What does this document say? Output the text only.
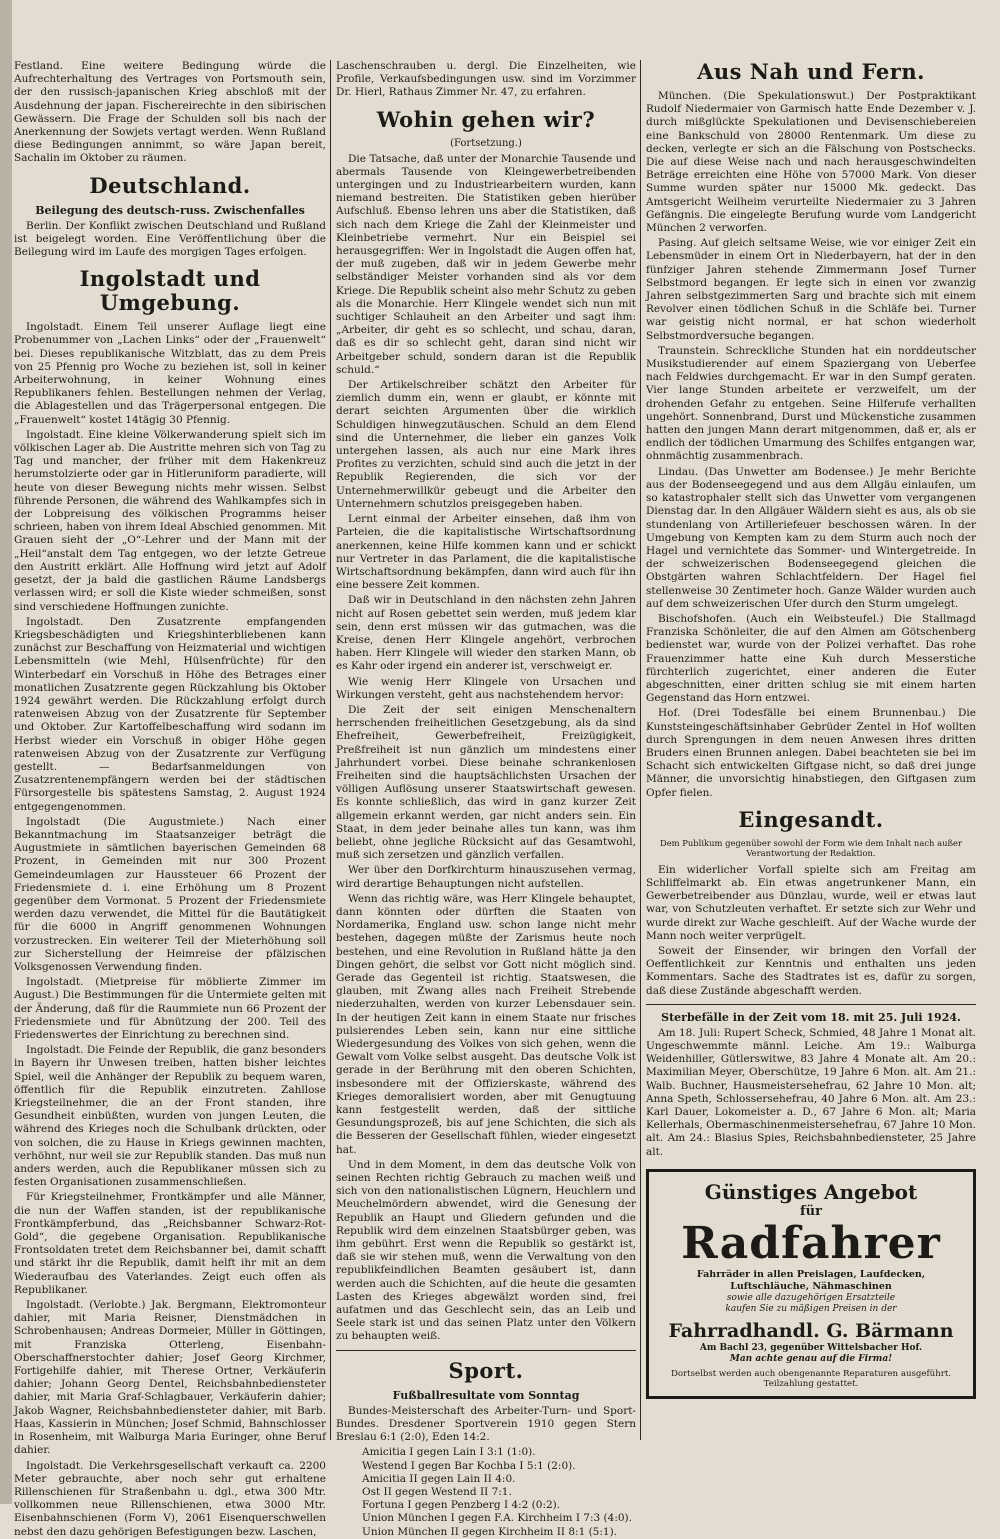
Festland. Eine weitere Bedingung würde die Aufrechterhaltung des Vertrages von Portsmouth sein, der den russisch-japanischen Krieg abschloß mit der Ausdehnung der japan. Fischereirechte in den sibirischen Gewässern. Die Frage der Schulden soll bis nach der Anerkennung der Sowjets vertagt werden. Wenn Rußland diese Bedingungen annimmt, so wäre Japan bereit, Sachalin im Oktober zu räumen.

Deutschland.
Beilegung des deutsch-russ. Zwischenfalles

Berlin. Der Konflikt zwischen Deutschland und Rußland ist beigelegt worden. Eine Veröffentlichung über die Beilegung wird im Laufe des morgigen Tages erfolgen.

Ingolstadt und Umgebung.

Ingolstadt. Einem Teil unserer Auflage liegt eine Probenummer von „Lachen Links“ oder der „Frauenwelt“ bei. Dieses republikanische Witzblatt, das zu dem Preis von 25 Pfennig pro Woche zu beziehen ist, soll in keiner Arbeiterwohnung, in keiner Wohnung eines Republikaners fehlen. Bestellungen nehmen der Verlag, die Ablagestellen und das Trägerpersonal entgegen. Die „Frauenwelt“ kostet 14tägig 30 Pfennig.

Ingolstadt. Eine kleine Völkerwanderung spielt sich im völkischen Lager ab. Die Austritte mehren sich von Tag zu Tag und mancher, der früher mit dem Hakenkreuz herumstolzierte oder gar in Hitleruniform paradierte, will heute von dieser Bewegung nichts mehr wissen. Selbst führende Personen, die während des Wahlkampfes sich in der Lobpreisung des völkischen Programms heiser schrieen, haben von ihrem Ideal Abschied genommen. Mit Grauen sieht der „O“-Lehrer und der Mann mit der „Heil“anstalt dem Tag entgegen, wo der letzte Getreue den Austritt erklärt. Alle Hoffnung wird jetzt auf Adolf gesetzt, der ja bald die gastlichen Räume Landsbergs verlassen wird; er soll die Kiste wieder schmeißen, sonst sind verschiedene Hoffnungen zunichte.

Ingolstadt. Den Zusatzrente empfangenden Kriegsbeschädigten und Kriegshinterbliebenen kann zunächst zur Beschaffung von Heizmaterial und wichtigen Lebensmitteln (wie Mehl, Hülsenfrüchte) für den Winterbedarf ein Vorschuß in Höhe des Betrages einer monatlichen Zusatzrente gegen Rückzahlung bis Oktober 1924 gewährt werden. Die Rückzahlung erfolgt durch ratenweisen Abzug von der Zusatzrente für September und Oktober. Zur Kartoffelbeschaffung wird sodann im Herbst wieder ein Vorschuß in obiger Höhe gegen ratenweisen Abzug von der Zusatzrente zur Verfügung gestellt. — Bedarfsanmeldungen von Zusatzrentenempfängern werden bei der städtischen Fürsorgestelle bis spätestens Samstag, 2. August 1924 entgegengenommen.

Ingolstadt (Die Augustmiete.) Nach einer Bekanntmachung im Staatsanzeiger beträgt die Augustmiete in sämtlichen bayerischen Gemeinden 68 Prozent, in Gemeinden mit nur 300 Prozent Gemeindeumlagen zur Haussteuer 66 Prozent der Friedensmiete d. i. eine Erhöhung um 8 Prozent gegenüber dem Vormonat. 5 Prozent der Friedensmiete werden dazu verwendet, die Mittel für die Bautätigkeit für die 6000 in Angriff genommenen Wohnungen vorzustrecken. Ein weiterer Teil der Mieterhöhung soll zur Sicherstellung der Heimreise der pfälzischen Volksgenossen Verwendung finden.

Ingolstadt. (Mietpreise für möblierte Zimmer im August.) Die Bestimmungen für die Untermiete gelten mit der Änderung, daß für die Raummiete nun 66 Prozent der Friedensmiete und für Abnützung der 200. Teil des Friedenswertes der Einrichtung zu berechnen sind.

Ingolstadt. Die Feinde der Republik, die ganz besonders in Bayern ihr Unwesen treiben, hatten bisher leichtes Spiel, weil die Anhänger der Republik zu bequem waren, öffentlich für die Republik einzutreten. Zahllose Kriegsteilnehmer, die an der Front standen, ihre Gesundheit einbüßten, wurden von jungen Leuten, die während des Krieges noch die Schulbank drückten, oder von solchen, die zu Hause in Kriegs gewinnen machten, verhöhnt, nur weil sie zur Republik standen. Das muß nun anders werden, auch die Republikaner müssen sich zu festen Organisationen zusammenschließen.

Für Kriegsteilnehmer, Frontkämpfer und alle Männer, die nun der Waffen standen, ist der republikanische Frontkämpferbund, das „Reichsbanner Schwarz-Rot-Gold“, die gegebene Organisation. Republikanische Frontsoldaten tretet dem Reichsbanner bei, damit schafft und stärkt ihr die Republik, damit helft ihr mit an dem Wiederaufbau des Vaterlandes. Zeigt euch offen als Republikaner.

Ingolstadt. (Verlobte.) Jak. Bergmann, Elektromonteur dahier, mit Maria Reisner, Dienstmädchen in Schrobenhausen; Andreas Dormeier, Müller in Göttingen, mit Franziska Otterleng, Eisenbahn-Oberschaffnerstochter dahier; Josef Georg Kirchmer, Fortigehilfe dahier, mit Therese Ortner, Verkäuferin dahier; Johann Georg Dentel, Reichsbahnbediensteter dahier, mit Maria Graf-Schlagbauer, Verkäuferin dahier; Jakob Wagner, Reichsbahnbediensteter dahier, mit Barb. Haas, Kassierin in München; Josef Schmid, Bahnschlosser in Rosenheim, mit Walburga Maria Euringer, ohne Beruf dahier.

Ingolstadt. Die Verkehrsgesellschaft verkauft ca. 2200 Meter gebrauchte, aber noch sehr gut erhaltene Rillenschienen für Straßenbahn u. dgl., etwa 300 Mtr. vollkommen neue Rillenschienen, etwa 3000 Mtr. Eisenbahnschienen (Form V), 2061 Eisenquerschwellen nebst den dazu gehörigen Befestigungen bezw. Laschen,

Laschenschrauben u. dergl. Die Einzelheiten, wie Profile, Verkaufsbedingungen usw. sind im Vorzimmer Dr. Hierl, Rathaus Zimmer Nr. 47, zu erfahren.

Wohin gehen wir?
(Fortsetzung.)

Die Tatsache, daß unter der Monarchie Tausende und abermals Tausende von Kleingewerbetreibenden untergingen und zu Industriearbeitern wurden, kann niemand bestreiten. Die Statistiken geben hierüber Aufschluß. Ebenso lehren uns aber die Statistiken, daß sich nach dem Kriege die Zahl der Kleinmeister und Kleinbetriebe vermehrt. Nur ein Beispiel sei herausgegriffen: Wer in Ingolstadt die Augen offen hat, der muß zugeben, daß wir in jedem Gewerbe mehr selbständiger Meister vorhanden sind als vor dem Kriege. Die Republik scheint also mehr Schutz zu geben als die Monarchie. Herr Klingele wendet sich nun mit suchtiger Schlauheit an den Arbeiter und sagt ihm: „Arbeiter, dir geht es so schlecht, und schau, daran, daß es dir so schlecht geht, daran sind nicht wir Arbeitgeber schuld, sondern daran ist die Republik schuld.“

Der Artikelschreiber schätzt den Arbeiter für ziemlich dumm ein, wenn er glaubt, er könnte mit derart seichten Argumenten über die wirklich Schuldigen hinwegzutäuschen. Schuld an dem Elend sind die Unternehmer, die lieber ein ganzes Volk untergehen lassen, als auch nur eine Mark ihres Profites zu verzichten, schuld sind auch die jetzt in der Republik Regierenden, die sich vor der Unternehmerwillkür gebeugt und die Arbeiter den Unternehmern schutzlos preisgegeben haben.

Lernt einmal der Arbeiter einsehen, daß ihm von Parteien, die die kapitalistische Wirtschaftsordnung anerkennen, keine Hilfe kommen kann und er schickt nur Vertreter in das Parlament, die die kapitalistische Wirtschaftsordnung bekämpfen, dann wird auch für ihn eine bessere Zeit kommen.

Daß wir in Deutschland in den nächsten zehn Jahren nicht auf Rosen gebettet sein werden, muß jedem klar sein, denn erst müssen wir das gutmachen, was die Kreise, denen Herr Klingele angehört, verbrochen haben. Herr Klingele will wieder den starken Mann, ob es Kahr oder irgend ein anderer ist, verschweigt er.

Wie wenig Herr Klingele von Ursachen und Wirkungen versteht, geht aus nachstehendem hervor:

Die Zeit der seit einigen Menschenaltern herrschenden freiheitlichen Gesetzgebung, als da sind Ehefreiheit, Gewerbefreiheit, Freizügigkeit, Preßfreiheit ist nun gänzlich um mindestens einer Jahrhundert vorbei. Diese beinahe schrankenlosen Freiheiten sind die hauptsächlichsten Ursachen der völligen Auflösung unserer Staatswirtschaft gewesen. Es konnte schließlich, das wird in ganz kurzer Zeit allgemein erkannt werden, gar nicht anders sein. Ein Staat, in dem jeder beinahe alles tun kann, was ihm beliebt, ohne jegliche Rücksicht auf das Gesamtwohl, muß sich zersetzen und gänzlich verfallen.

Wer über den Dorfkirchturm hinauszusehen vermag, wird derartige Behauptungen nicht aufstellen.

Wenn das richtig wäre, was Herr Klingele behauptet, dann könnten oder dürften die Staaten von Nordamerika, England usw. schon lange nicht mehr bestehen, dagegen müßte der Zarismus heute noch bestehen, und eine Revolution in Rußland hätte ja den Dingen gehört, die selbst vor Gott nicht möglich sind. Gerade das Gegenteil ist richtig. Staatswesen, die glauben, mit Zwang alles nach Freiheit Strebende niederzuhalten, werden von kurzer Lebensdauer sein. In der heutigen Zeit kann in einem Staate nur frisches pulsierendes Leben sein, kann nur eine sittliche Wiedergesundung des Volkes von sich gehen, wenn die Gewalt vom Volke selbst ausgeht. Das deutsche Volk ist gerade in der Berührung mit den oberen Schichten, insbesondere mit der Offizierskaste, während des Krieges demoralisiert worden, aber mit Genugtuung kann festgestellt werden, daß der sittliche Gesundungsprozeß, bis auf jene Schichten, die sich als die Besseren der Gesellschaft fühlen, wieder eingesetzt hat.

Und in dem Moment, in dem das deutsche Volk von seinen Rechten richtig Gebrauch zu machen weiß und sich von den nationalistischen Lügnern, Heuchlern und Meuchelmördern abwendet, wird die Genesung der Republik an Haupt und Gliedern gefunden und die Republik wird dem einzelnen Staatsbürger geben, was ihm gebührt. Erst wenn die Republik so gestärkt ist, daß sie wir stehen muß, wenn die Verwaltung von den republikfeindlichen Beamten gesäubert ist, dann werden auch die Schichten, auf die heute die gesamten Lasten des Krieges abgewälzt worden sind, frei aufatmen und das Geschlecht sein, das an Leib und Seele stark ist und das seinen Platz unter den Völkern zu behaupten weiß.

Sport.
Fußballresultate vom Sonntag

Bundes-Meisterschaft des Arbeiter-Turn- und Sport-Bundes. Dresdener Sportverein 1910 gegen Stern Breslau 6:1 (2:0), Eden 14:2.

Amicitia I gegen Lain I 3:1 (1:0).

Westend I gegen Bar Kochba I 5:1 (2:0).

Amicitia II gegen Lain II 4:0.

Ost II gegen Westend II 7:1.

Fortuna I gegen Penzberg I 4:2 (0:2).

Union München I gegen F.A. Kirchheim I 7:3 (4:0).

Union München II gegen Kirchheim II 8:1 (5:1).

Aus Nah und Fern.

München. (Die Spekulationswut.) Der Postpraktikant Rudolf Niedermaier von Garmisch hatte Ende Dezember v. J. durch mißglückte Spekulationen und Devisenschiebereien eine Bankschuld von 28000 Rentenmark. Um diese zu decken, verlegte er sich an die Fälschung von Postschecks. Die auf diese Weise nach und nach herausgeschwindelten Beträge erreichten eine Höhe von 57000 Mark. Von dieser Summe wurden später nur 15000 Mk. gedeckt. Das Amtsgericht Weilheim verurteilte Niedermaier zu 3 Jahren Gefängnis. Die eingelegte Berufung wurde vom Landgericht München 2 verworfen.

Pasing. Auf gleich seltsame Weise, wie vor einiger Zeit ein Lebensmüder in einem Ort in Niederbayern, hat der in den fünfziger Jahren stehende Zimmermann Josef Turner Selbstmord begangen. Er legte sich in einen vor zwanzig Jahren selbstgezimmerten Sarg und brachte sich mit einem Revolver einen tödlichen Schuß in die Schläfe bei. Turner war geistig nicht normal, er hat schon wiederholt Selbstmordversuche begangen.

Traunstein. Schreckliche Stunden hat ein norddeutscher Musikstudierender auf einem Spaziergang von Ueberfee nach Feldwies durchgemacht. Er war in den Sumpf geraten. Vier lange Stunden arbeitete er verzweifelt, um der drohenden Gefahr zu entgehen. Seine Hilferufe verhallten ungehört. Sonnenbrand, Durst und Mückenstiche zusammen hatten den jungen Mann derart mitgenommen, daß er, als er endlich der tödlichen Umarmung des Schilfes entgangen war, ohnmächtig zusammenbrach.

Lindau. (Das Unwetter am Bodensee.) Je mehr Berichte aus der Bodenseegegend und aus dem Allgäu einlaufen, um so katastrophaler stellt sich das Unwetter vom vergangenen Dienstag dar. In den Allgäuer Wäldern sieht es aus, als ob sie stundenlang von Artilleriefeuer beschossen wären. In der Umgebung von Kempten kam zu dem Sturm auch noch der Hagel und vernichtete das Sommer- und Wintergetreide. In der schweizerischen Bodenseegegend gleichen die Obstgärten wahren Schlachtfeldern. Der Hagel fiel stellenweise 30 Zentimeter hoch. Ganze Wälder wurden auch auf dem schweizerischen Ufer durch den Sturm umgelegt.

Bischofshofen. (Auch ein Weibsteufel.) Die Stallmagd Franziska Schönleiter, die auf den Almen am Götschenberg bedienstet war, wurde von der Polizei verhaftet. Das rohe Frauenzimmer hatte eine Kuh durch Messerstiche fürchterlich zugerichtet, einer anderen die Euter abgeschnitten, einer dritten schlug sie mit einem harten Gegenstand das Horn entzwei.

Hof. (Drei Todesfälle bei einem Brunnenbau.) Die Kunststeingeschäftsinhaber Gebrüder Zentel in Hof wollten durch Sprengungen in dem neuen Anwesen ihres dritten Bruders einen Brunnen anlegen. Dabei beachteten sie bei im Schacht sich entwickelten Giftgase nicht, so daß drei junge Männer, die unvorsichtig hinabstiegen, den Giftgasen zum Opfer fielen.

Eingesandt.

Dem Publikum gegenüber sowohl der Form wie dem Inhalt nach außer Verantwortung der Redaktion.

Ein widerlicher Vorfall spielte sich am Freitag am Schliffelmarkt ab. Ein etwas angetrunkener Mann, ein Gewerbetreibender aus Dünzlau, wurde, weil er etwas laut war, von Schutzleuten verhaftet. Er setzte sich zur Wehr und wurde direkt zur Wache geschleift. Auf der Wache wurde der Mann noch weiter verprügelt.

Soweit der Einsender, wir bringen den Vorfall der Oeffentlichkeit zur Kenntnis und enthalten uns jeden Kommentars. Sache des Stadtrates ist es, dafür zu sorgen, daß diese Zustände abgeschafft werden.

Sterbefälle in der Zeit vom 18. mit 25. Juli 1924.

Am 18. Juli: Rupert Scheck, Schmied, 48 Jahre 1 Monat alt. Ungeschwemmte männl. Leiche. Am 19.: Walburga Weidenhiller, Gütlerswitwe, 83 Jahre 4 Monate alt. Am 20.: Maximilian Meyer, Oberschütze, 19 Jahre 6 Mon. alt. Am 21.: Walb. Buchner, Hausmeistersehefrau, 62 Jahre 10 Mon. alt; Anna Speth, Schlossersehefrau, 40 Jahre 6 Mon. alt. Am 23.: Karl Dauer, Lokomeister a. D., 67 Jahre 6 Mon. alt; Maria Kellerhals, Obermaschinenmeistersehefrau, 67 Jahre 10 Mon. alt. Am 24.: Blasius Spies, Reichsbahnbediensteter, 25 Jahre alt.

Günstiges Angebot
für
Radfahrer
Fahrräder in allen Preislagen, Laufdecken, Luftschläuche, Nähmaschinen
sowie alle dazugehörigen Ersatzteile
kaufen Sie zu mäßigen Preisen in der
Fahrradhandl. G. Bärmann
Am Bachl 23, gegenüber Wittelsbacher Hof.
Man achte genau auf die Firma!
Dortselbst werden auch obengenannte Reparaturen ausgeführt. Teilzahlung gestattet.
